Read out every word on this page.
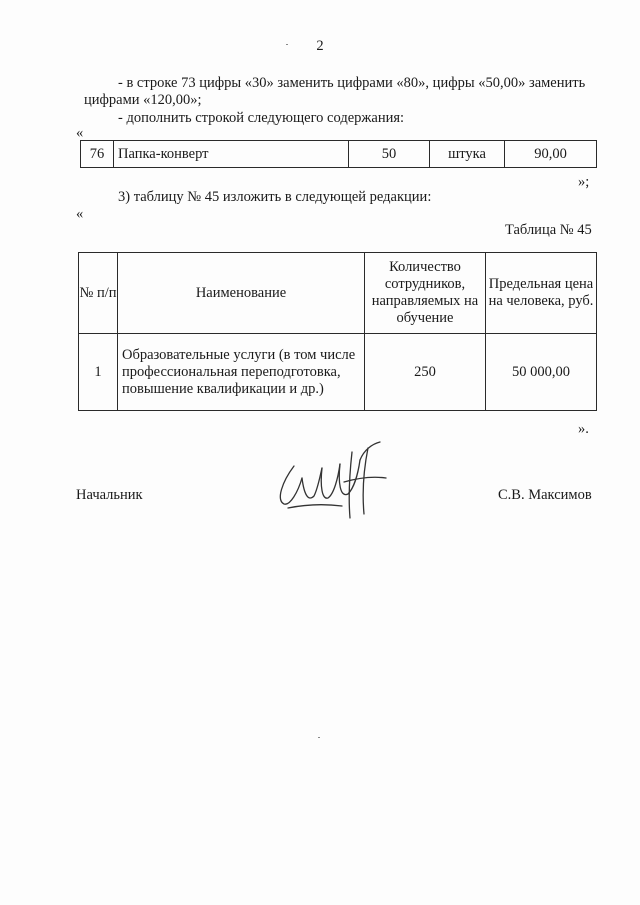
2
- в строке 73 цифры «30» заменить цифрами «80», цифры «50,00» заменить
цифрами «120,00»;
- дополнить строкой следующего содержания:
«
76	Папка-конверт	50	штука	90,00
»;
3) таблицу № 45 изложить в следующей редакции:
«
Таблица № 45
№ п/п	Наименование	Количество сотрудников, направляемых на обучение	Предельная цена на человека, руб.
1	Образовательные услуги (в том числе профессиональная переподготовка, повышение квалификации и др.)	250	50 000,00
».
Начальник	С.В. Максимов
